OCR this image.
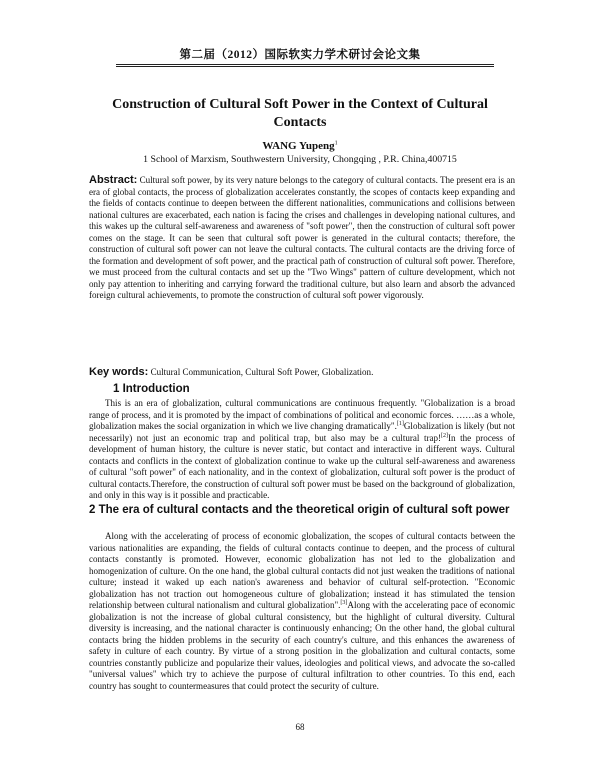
第二届（2012）国际软实力学术研讨会论文集
Construction of Cultural Soft Power in the Context of Cultural Contacts
WANG Yupeng$^1$
1 School of Marxism, Southwestern University, Chongqing , P.R. China,400715

Abstract: Cultural soft power, by its very nature belongs to the category of cultural contacts. The present era is an era of global contacts, the process of globalization accelerates constantly, the scopes of contacts keep expanding and the fields of contacts continue to deepen between the different nationalities, communications and collisions between national cultures are exacerbated, each nation is facing the crises and challenges in developing national cultures, and this wakes up the cultural self-awareness and awareness of "soft power", then the construction of cultural soft power comes on the stage. It can be seen that cultural soft power is generated in the cultural contacts; therefore, the construction of cultural soft power can not leave the cultural contacts. The cultural contacts are the driving force of the formation and development of soft power, and the practical path of construction of cultural soft power. Therefore, we must proceed from the cultural contacts and set up the "Two Wings" pattern of culture development, which not only pay attention to inheriting and carrying forward the traditional culture, but also learn and absorb the advanced foreign cultural achievements, to promote the construction of cultural soft power vigorously.

Key words: Cultural Communication, Cultural Soft Power, Globalization.
1 Introduction

This is an era of globalization, cultural communications are continuous frequently. "Globalization is a broad range of process, and it is promoted by the impact of combinations of political and economic forces. ……as a whole, globalization makes the social organization in which we live changing dramatically".[1]Globalization is likely (but not necessarily) not just an economic trap and political trap, but also may be a cultural trap![2]In the process of development of human history, the culture is never static, but contact and interactive in different ways. Cultural contacts and conflicts in the context of globalization continue to wake up the cultural self-awareness and awareness of cultural "soft power" of each nationality, and in the context of globalization, cultural soft power is the product of cultural contacts.Therefore, the construction of cultural soft power must be based on the background of globalization, and only in this way is it possible and practicable.

2 The era of cultural contacts and the theoretical origin of cultural soft power

Along with the accelerating of process of economic globalization, the scopes of cultural contacts between the various nationalities are expanding, the fields of cultural contacts continue to deepen, and the process of cultural contacts constantly is promoted. However, economic globalization has not led to the globalization and homogenization of culture. On the one hand, the global cultural contacts did not just weaken the traditions of national culture; instead it waked up each nation's awareness and behavior of cultural self-protection. "Economic globalization has not traction out homogeneous culture of globalization; instead it has stimulated the tension relationship between cultural nationalism and cultural globalization".[3]Along with the accelerating pace of economic globalization is not the increase of global cultural consistency, but the highlight of cultural diversity. Cultural diversity is increasing, and the national character is continuously enhancing; On the other hand, the global cultural contacts bring the hidden problems in the security of each country's culture, and this enhances the awareness of safety in culture of each country. By virtue of a strong position in the globalization and cultural contacts, some countries constantly publicize and popularize their values, ideologies and political views, and advocate the so-called "universal values" which try to achieve the purpose of cultural infiltration to other countries. To this end, each country has sought to countermeasures that could protect the security of culture.

68
